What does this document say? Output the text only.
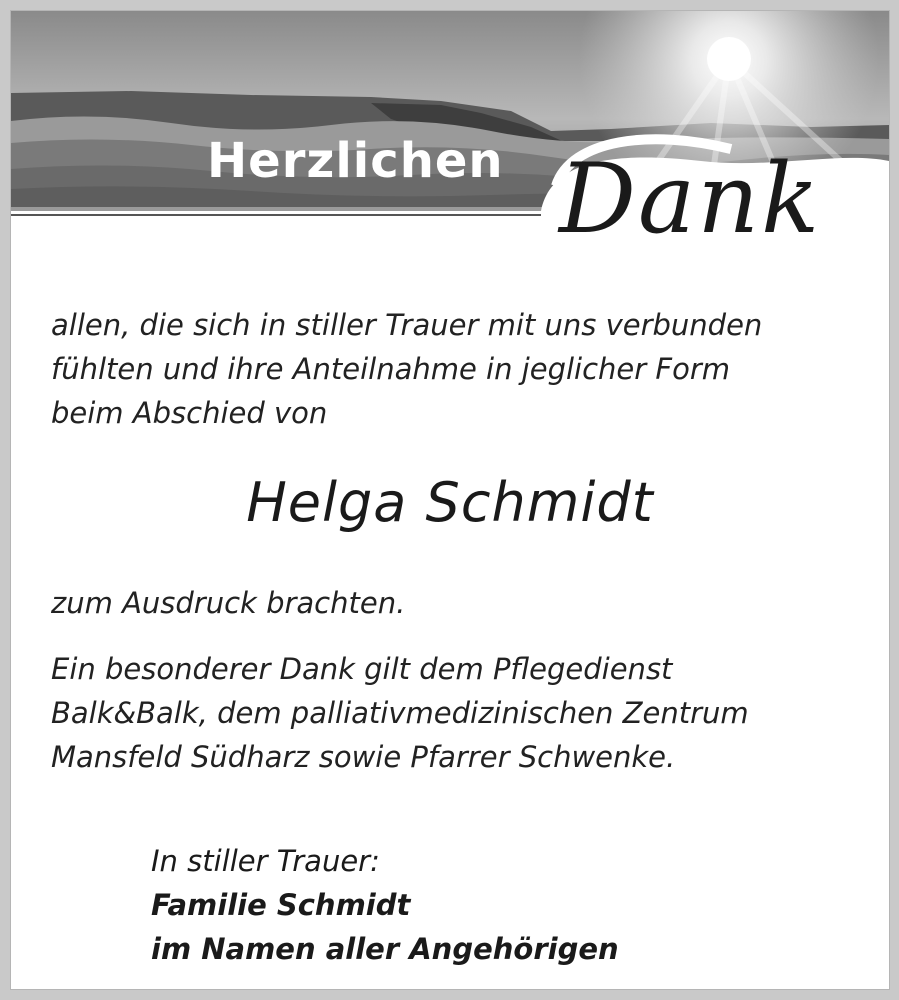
Herzlichen Dank

allen, die sich in stiller Trauer mit uns verbunden
fühlten und ihre Anteilnahme in jeglicher Form
beim Abschied von

Helga Schmidt

zum Ausdruck brachten.

Ein besonderer Dank gilt dem Pflegedienst
Balk&Balk, dem palliativmedizinischen Zentrum
Mansfeld Südharz sowie Pfarrer Schwenke.

In stiller Trauer:
Familie Schmidt
im Namen aller Angehörigen
